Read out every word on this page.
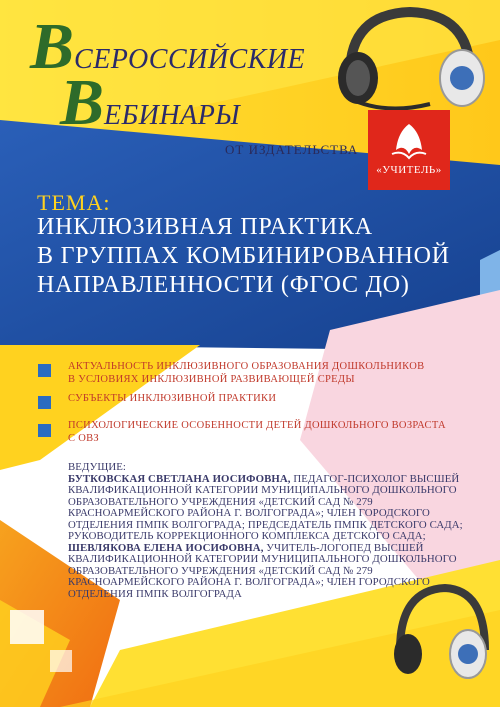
ВСЕРОССИЙСКИЕ
ВЕБИНАРЫ
ОТ ИЗДАТЕЛЬСТВА
«УЧИТЕЛЬ»
ТЕМА:
ИНКЛЮЗИВНАЯ ПРАКТИКА
В ГРУППАХ КОМБИНИРОВАННОЙ
НАПРАВЛЕННОСТИ (ФГОС ДО)
АКТУАЛЬНОСТЬ ИНКЛЮЗИВНОГО ОБРАЗОВАНИЯ ДОШКОЛЬНИКОВ
В УСЛОВИЯХ ИНКЛЮЗИВНОЙ РАЗВИВАЮЩЕЙ СРЕДЫ
СУБЪЕКТЫ ИНКЛЮЗИВНОЙ ПРАКТИКИ
ПСИХОЛОГИЧЕСКИЕ ОСОБЕННОСТИ ДЕТЕЙ ДОШКОЛЬНОГО ВОЗРАСТА
С ОВЗ
ВЕДУЩИЕ:
БУТКОВСКАЯ СВЕТЛАНА ИОСИФОВНА, ПЕДАГОГ-ПСИХОЛОГ ВЫСШЕЙ КВАЛИФИКАЦИОННОЙ КАТЕГОРИИ МУНИЦИПАЛЬНОГО ДОШКОЛЬНОГО ОБРАЗОВАТЕЛЬНОГО УЧРЕЖДЕНИЯ «ДЕТСКИЙ САД № 279 КРАСНОАРМЕЙСКОГО РАЙОНА Г. ВОЛГОГРАДА»; ЧЛЕН ГОРОДСКОГО ОТДЕЛЕНИЯ ПМПК ВОЛГОГРАДА; ПРЕДСЕДАТЕЛЬ ПМПК ДЕТСКОГО САДА; РУКОВОДИТЕЛЬ КОРРЕКЦИОННОГО КОМПЛЕКСА ДЕТСКОГО САДА;
ШЕВЛЯКОВА ЕЛЕНА ИОСИФОВНА, УЧИТЕЛЬ-ЛОГОПЕД ВЫСШЕЙ КВАЛИФИКАЦИОННОЙ КАТЕГОРИИ МУНИЦИПАЛЬНОГО ДОШКОЛЬНОГО ОБРАЗОВАТЕЛЬНОГО УЧРЕЖДЕНИЯ «ДЕТСКИЙ САД № 279 КРАСНОАРМЕЙСКОГО РАЙОНА Г. ВОЛГОГРАДА»; ЧЛЕН ГОРОДСКОГО ОТДЕЛЕНИЯ ПМПК ВОЛГОГРАДА
